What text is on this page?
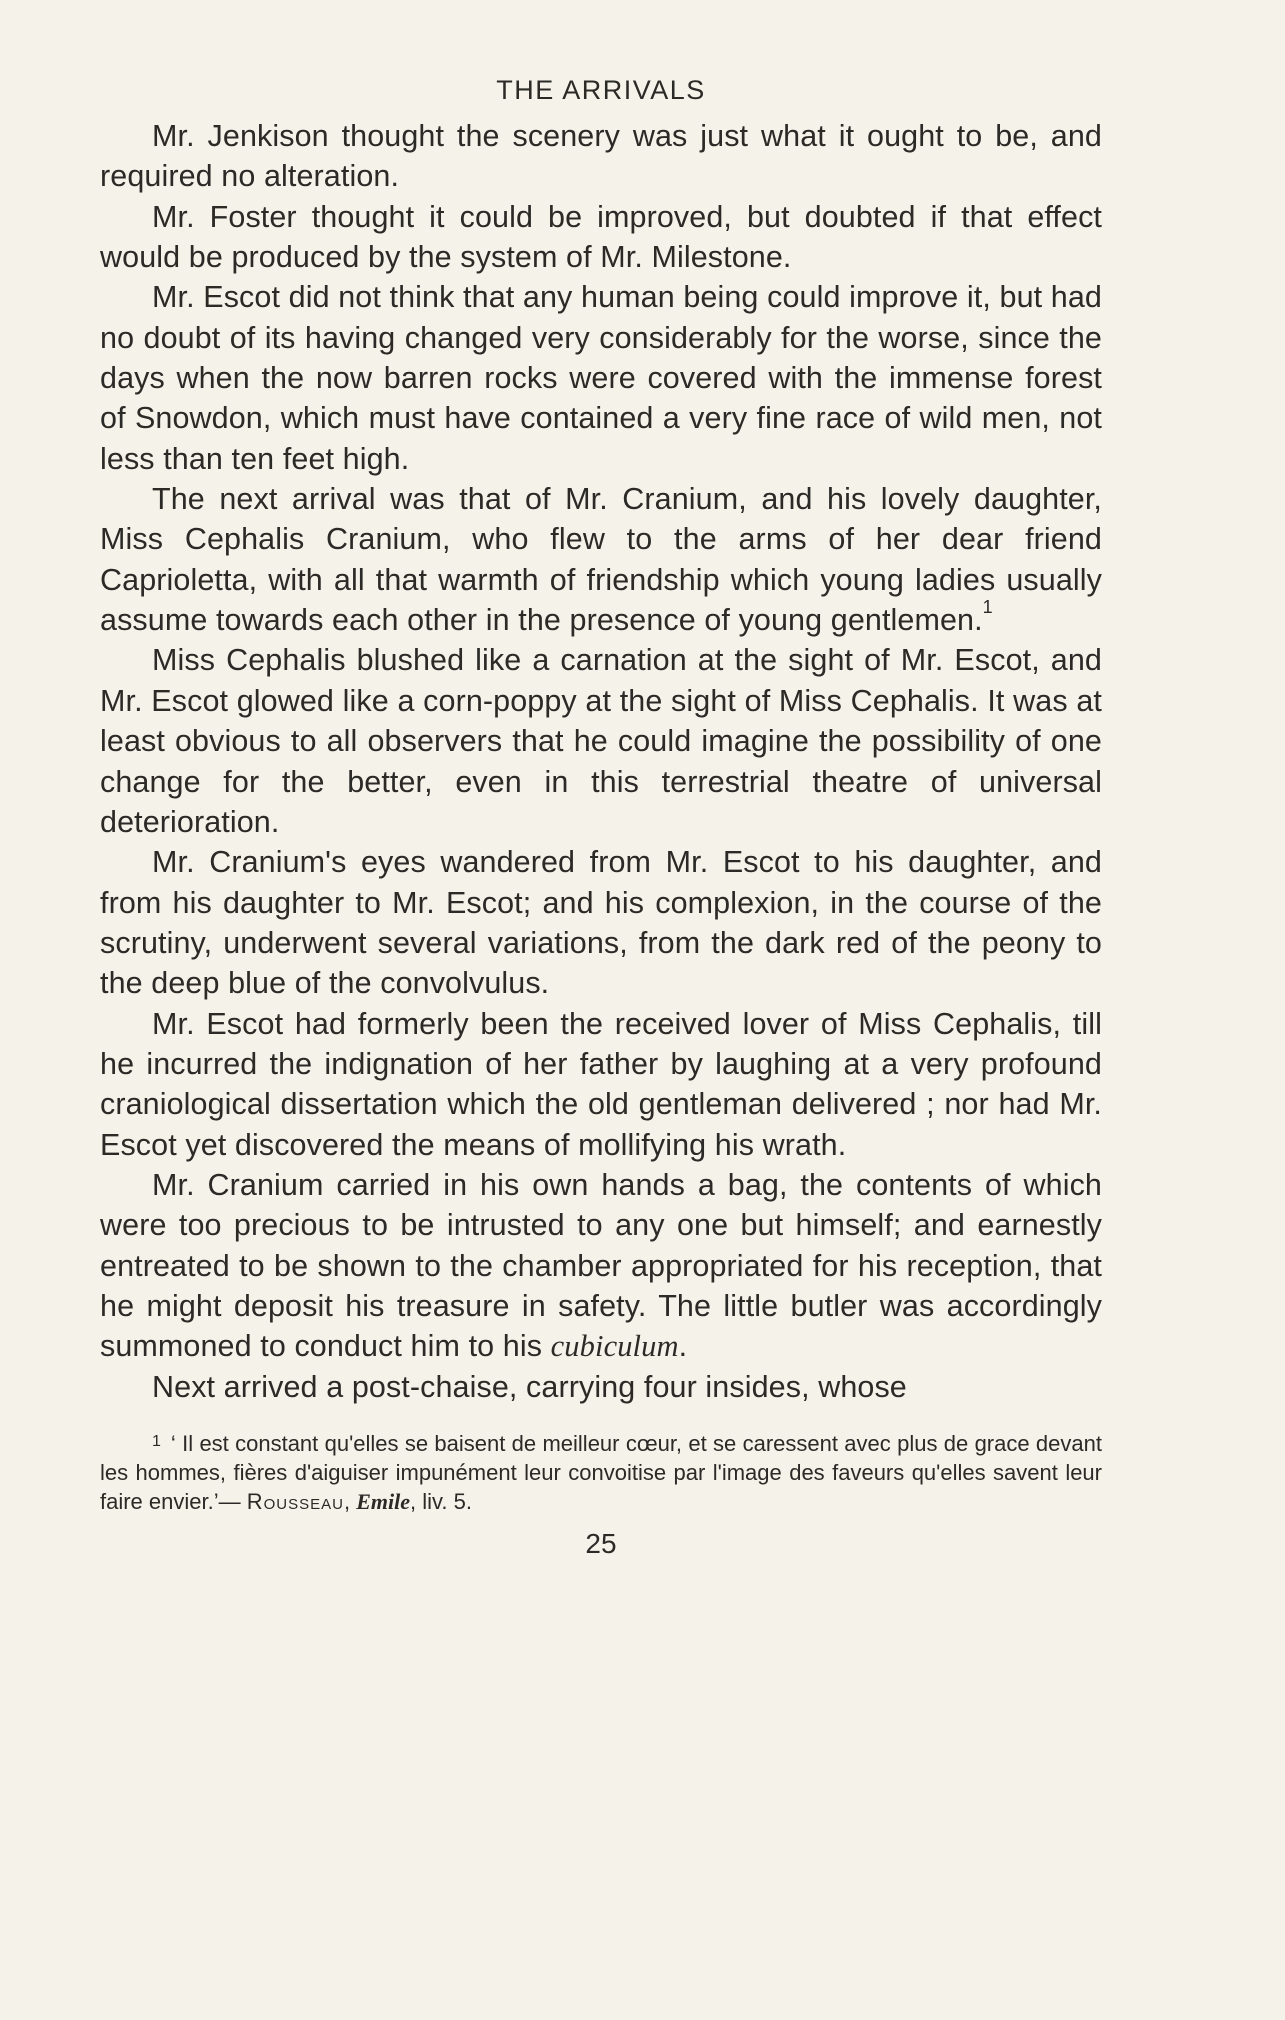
THE ARRIVALS

Mr. Jenkison thought the scenery was just what it ought to be, and required no alteration.

Mr. Foster thought it could be improved, but doubted if that effect would be produced by the system of Mr. Milestone.

Mr. Escot did not think that any human being could improve it, but had no doubt of its having changed very considerably for the worse, since the days when the now barren rocks were covered with the immense forest of Snowdon, which must have contained a very fine race of wild men, not less than ten feet high.

The next arrival was that of Mr. Cranium, and his lovely daughter, Miss Cephalis Cranium, who flew to the arms of her dear friend Caprioletta, with all that warmth of friendship which young ladies usually assume towards each other in the presence of young gentlemen.$^1$

Miss Cephalis blushed like a carnation at the sight of Mr. Escot, and Mr. Escot glowed like a corn-poppy at the sight of Miss Cephalis. It was at least obvious to all observers that he could imagine the possibility of one change for the better, even in this terrestrial theatre of universal deterioration.

Mr. Cranium's eyes wandered from Mr. Escot to his daughter, and from his daughter to Mr. Escot; and his complexion, in the course of the scrutiny, underwent several variations, from the dark red of the peony to the deep blue of the convolvulus.

Mr. Escot had formerly been the received lover of Miss Cephalis, till he incurred the indignation of her father by laughing at a very profound craniological dissertation which the old gentleman delivered ; nor had Mr. Escot yet discovered the means of mollifying his wrath.

Mr. Cranium carried in his own hands a bag, the contents of which were too precious to be intrusted to any one but himself; and earnestly entreated to be shown to the chamber appropriated for his reception, that he might deposit his treasure in safety. The little butler was accordingly summoned to conduct him to his cubiculum.

Next arrived a post-chaise, carrying four insides, whose

$^1$ ‘ Il est constant qu'elles se baisent de meilleur cœur, et se caressent avec plus de grace devant les hommes, fières d'aiguiser impunément leur convoitise par l'image des faveurs qu'elles savent leur faire envier.’— Rousseau, Emile, liv. 5.

25
